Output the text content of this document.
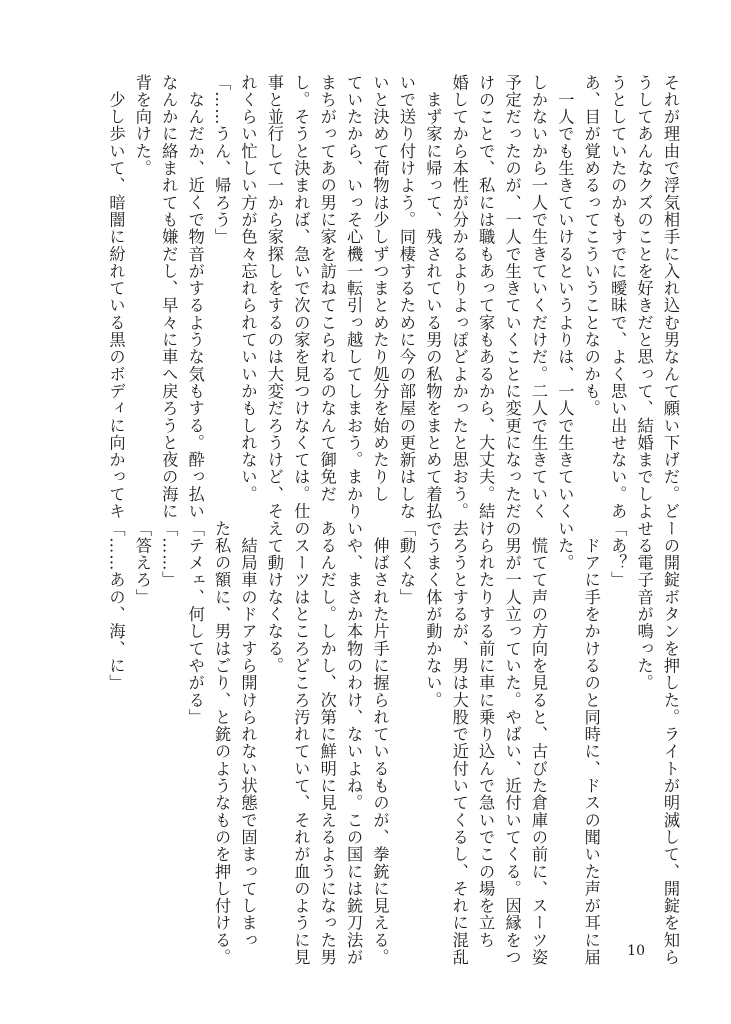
それが理由で浮気相手に入れ込む男なんて願い下げだ。ど
うしてあんなクズのことを好きだと思って、結婚までしよ
うとしていたのかもすでに曖昧で、よく思い出せない。あ
あ、目が覚めるってこういうことなのかも。
　一人でも生きていけるというよりは、一人で生きていく
しかないから一人で生きていくだけだ。二人で生きていく
予定だったのが、一人で生きていくことに変更になっただ
けのことで、私には職もあって家もあるから、大丈夫。結
婚してから本性が分かるよりよっぽどよかったと思おう。
　まず家に帰って、残されている男の私物をまとめて着払
いで送り付けよう。同棲するために今の部屋の更新はしな
いと決めて荷物は少しずつまとめたり処分を始めたりし
ていたから、いっそ心機一転引っ越してしまおう。まかり
まちがってあの男に家を訪ねてこられるのなんて御免だ
し。そうと決まれば、急いで次の家を見つけなくては。仕
事と並行して一から家探しをするのは大変だろうけど、そ
れくらい忙しい方が色々忘れられていいかもしれない。
「……うん、帰ろう」
　なんだか、近くで物音がするような気もする。酔っ払い
なんかに絡まれても嫌だし、早々に車へ戻ろうと夜の海に
背を向けた。
　少し歩いて、暗闇に紛れている黒のボディに向かってキ
ーの開錠ボタンを押した。ライトが明滅して、開錠を知ら
せる電子音が鳴った。
「あ？」
　ドアに手をかけるのと同時に、ドスの聞いた声が耳に届
いた。
　慌てて声の方向を見ると、古びた倉庫の前に、スーツ姿
の男が一人立っていた。やばい、近付いてくる。因縁をつ
けられたりする前に車に乗り込んで急いでこの場を立ち
去ろうとするが、男は大股で近付いてくるし、それに混乱
でうまく体が動かない。
「動くな」
　伸ばされた片手に握られているものが、拳銃に見える。
いや、まさか本物のわけ、ないよね。この国には銃刀法が
あるんだし。しかし、次第に鮮明に見えるようになった男
のスーツはところどころ汚れていて、それが血のように見
えて動けなくなる。
　結局車のドアすら開けられない状態で固まってしまっ
た私の額に、男はごり、と銃のようなものを押し付ける。
「テメェ、何してやがる」
「……」
「答えろ」
「……あの、海、に」
10
